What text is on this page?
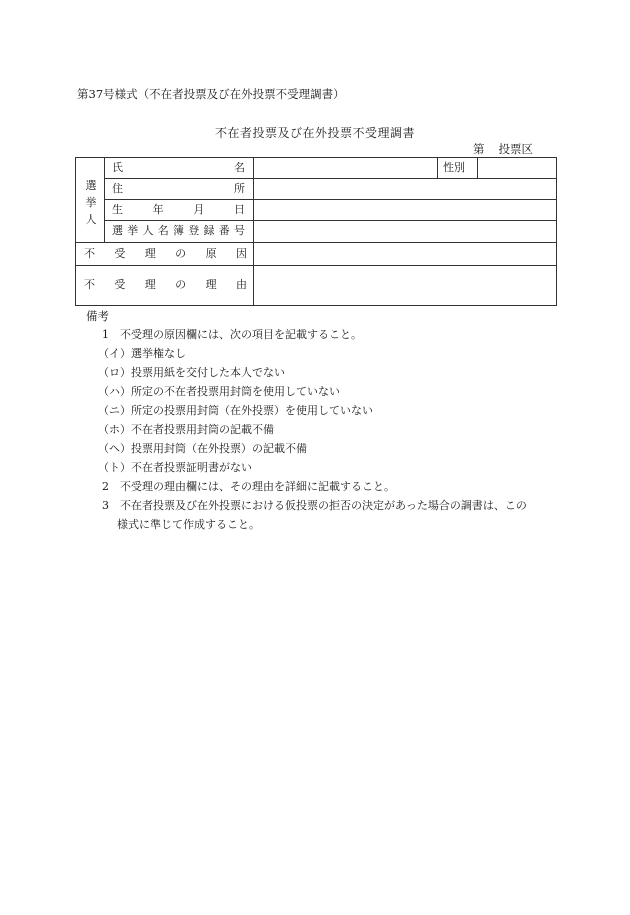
第37号様式（不在者投票及び在外投票不受理調書）
不在者投票及び在外投票不受理調書
第 投票区
選
挙
人
氏	名	性別
住	所
生	年	月	日
選 挙 人 名 簿 登 録 番 号
不 受 理 の 原 因
不 受 理 の 理 由
備考
1　不受理の原因欄には、次の項目を記載すること。
（イ）選挙権なし
（ロ）投票用紙を交付した本人でない
（ハ）所定の不在者投票用封筒を使用していない
（ニ）所定の投票用封筒（在外投票）を使用していない
（ホ）不在者投票用封筒の記載不備
（ヘ）投票用封筒（在外投票）の記載不備
（ト）不在者投票証明書がない
2　不受理の理由欄には、その理由を詳細に記載すること。
3　不在者投票及び在外投票における仮投票の拒否の決定があった場合の調書は、この
様式に準じて作成すること。
